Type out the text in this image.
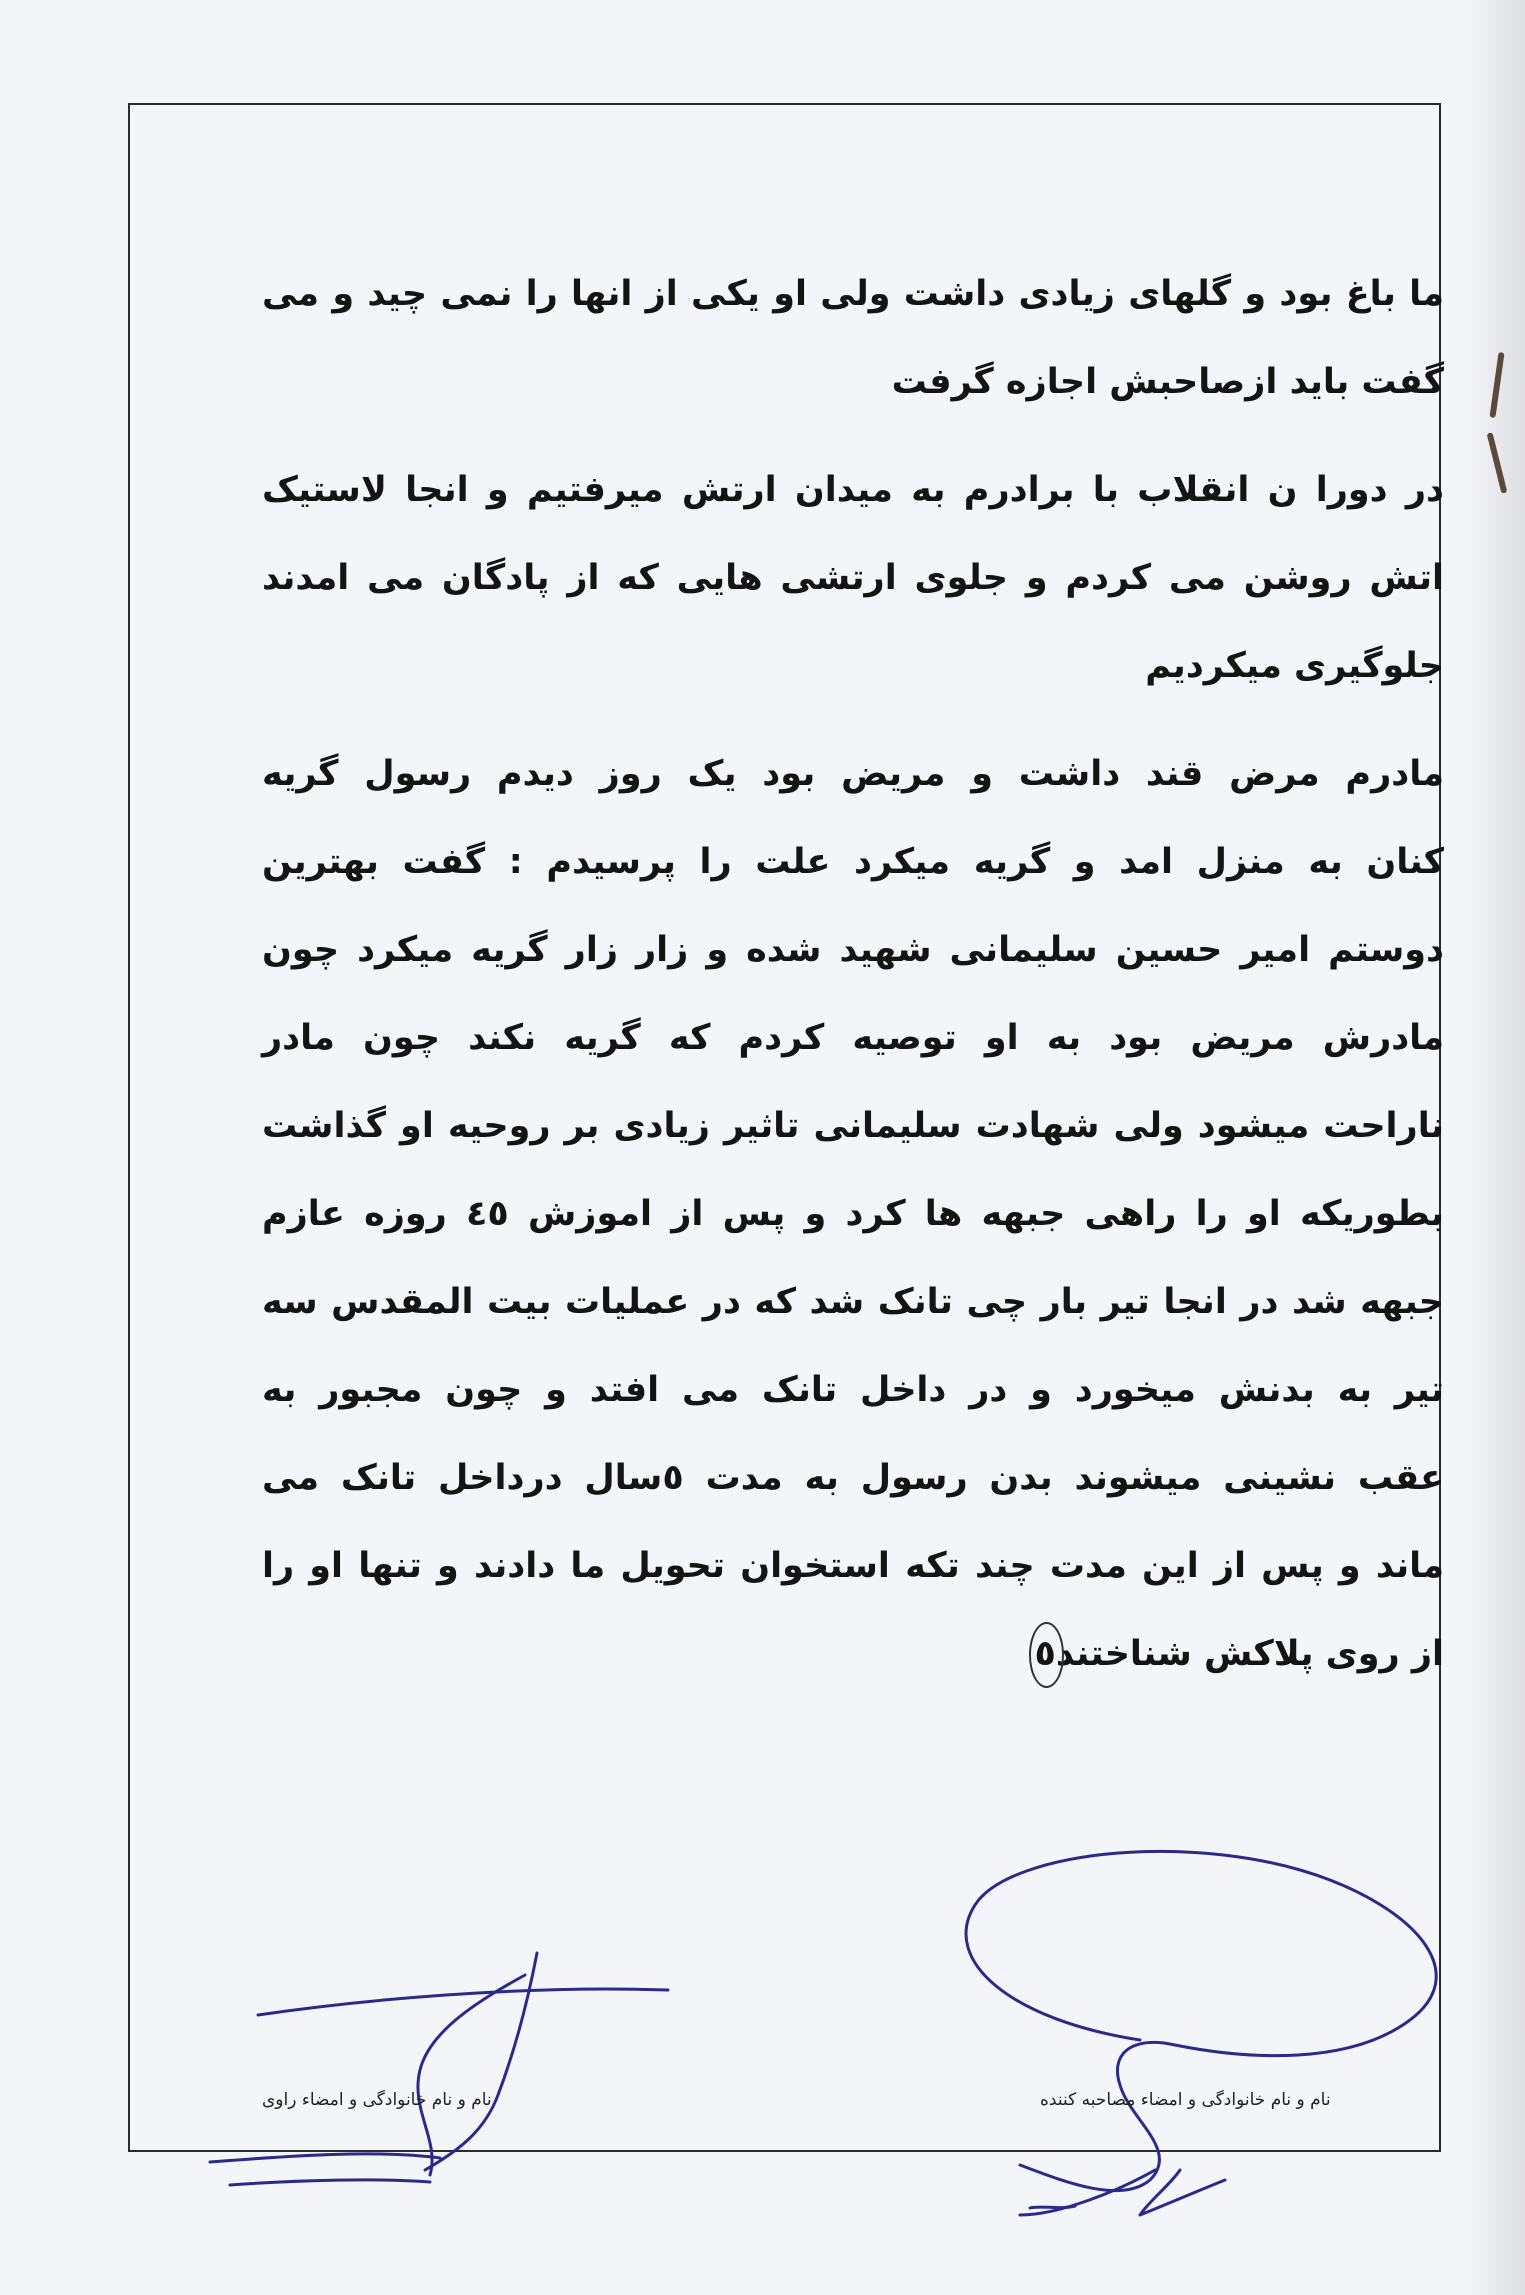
ما باغ بود و گلهای زیادی داشت ولی او یکی از انها را نمی چید و می
گفت باید ازصاحبش اجازه گرفت
در دورا ن انقلاب با برادرم به میدان ارتش میرفتیم و انجا لاستیک
اتش روشن می کردم و جلوی ارتشی هایی که از پادگان می امدند
جلوگیری میکردیم
مادرم مرض قند داشت و مریض بود یک روز دیدم رسول گریه
کنان به منزل امد و گریه میکرد علت را پرسیدم : گفت بهترین
دوستم امیر حسین سلیمانی شهید شده و زار زار گریه میکرد چون
مادرش مریض بود به او توصیه کردم که گریه نکند چون مادر
ناراحت میشود ولی شهادت سلیمانی تاثیر زیادی بر روحیه او گذاشت
بطوریکه او را راهی جبهه ها کرد و پس از اموزش ٤٥ روزه عازم
جبهه شد در انجا تیر بار چی تانک شد که در عملیات بیت المقدس سه
تیر به بدنش میخورد و در داخل تانک می افتد و چون مجبور به
عقب نشینی میشوند بدن رسول به مدت ٥سال درداخل تانک می
ماند و پس از این مدت چند تکه استخوان تحویل ما دادند و تنها او را
از روی پلاکش شناختند٥
نام و نام خانوادگی و امضاء مصاحبه کننده
نام و نام خانوادگی و امضاء راوی
